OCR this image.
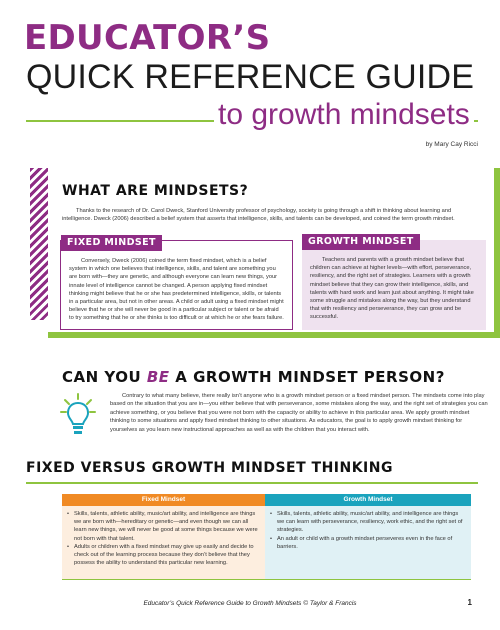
EDUCATOR’S
QUICK REFERENCE GUIDE
to growth mindsets
by Mary Cay Ricci
WHAT ARE MINDSETS?

Thanks to the research of Dr. Carol Dweck, Stanford University professor of psychology, society is going through a shift in thinking about learning and intelligence. Dweck (2006) described a belief system that asserts that intelligence, skills, and talents can be developed, and coined the term growth mindset.

FIXED MINDSET

Conversely, Dweck (2006) coined the term fixed mindset, which is a belief system in which one believes that intelligence, skills, and talent are something you are born with—they are genetic, and although everyone can learn new things, your innate level of intelligence cannot be changed. A person applying fixed mindset thinking might believe that he or she has predetermined intelligence, skills, or talents in a particular area, but not in other areas. A child or adult using a fixed mindset might believe that he or she will never be good in a particular subject or talent or be afraid to try something that he or she thinks is too difficult or at which he or she fears failure.

GROWTH MINDSET

Teachers and parents with a growth mindset believe that children can achieve at higher levels—with effort, perseverance, resiliency, and the right set of strategies. Learners with a growth mindset believe that they can grow their intelligence, skills, and talents with hard work and learn just about anything. It might take some struggle and mistakes along the way, but they understand that with resiliency and perseverance, they can grow and be successful.

CAN YOU BE A GROWTH MINDSET PERSON?

Contrary to what many believe, there really isn’t anyone who is a growth mindset person or a fixed mindset person. The mindsets come into play based on the situation that you are in—you either believe that with perseverance, some mistakes along the way, and the right set of strategies you can achieve something, or you believe that you were not born with the capacity or ability to achieve in this particular area. We apply growth mindset thinking to some situations and apply fixed mindset thinking to other situations. As educators, the goal is to apply growth mindset thinking for yourselves as you learn new instructional approaches as well as with the children that you interact with.

FIXED VERSUS GROWTH MINDSET THINKING
Fixed Mindset	Growth Mindset
• Skills, talents, athletic ability, music/art ability, and intelligence are things we are born with—hereditary or genetic—and even though we can all learn new things, we will never be good at some things because we were not born with that talent.
• Adults or children with a fixed mindset may give up easily and decide to check out of the learning process because they don’t believe that they possess the ability to understand this particular new learning.
• Skills, talents, athletic ability, music/art ability, and intelligence are things we can learn with perseverance, resiliency, work ethic, and the right set of strategies.
• An adult or child with a growth mindset perseveres even in the face of barriers.
Educator’s Quick Reference Guide to Growth Mindsets © Taylor & Francis	1
